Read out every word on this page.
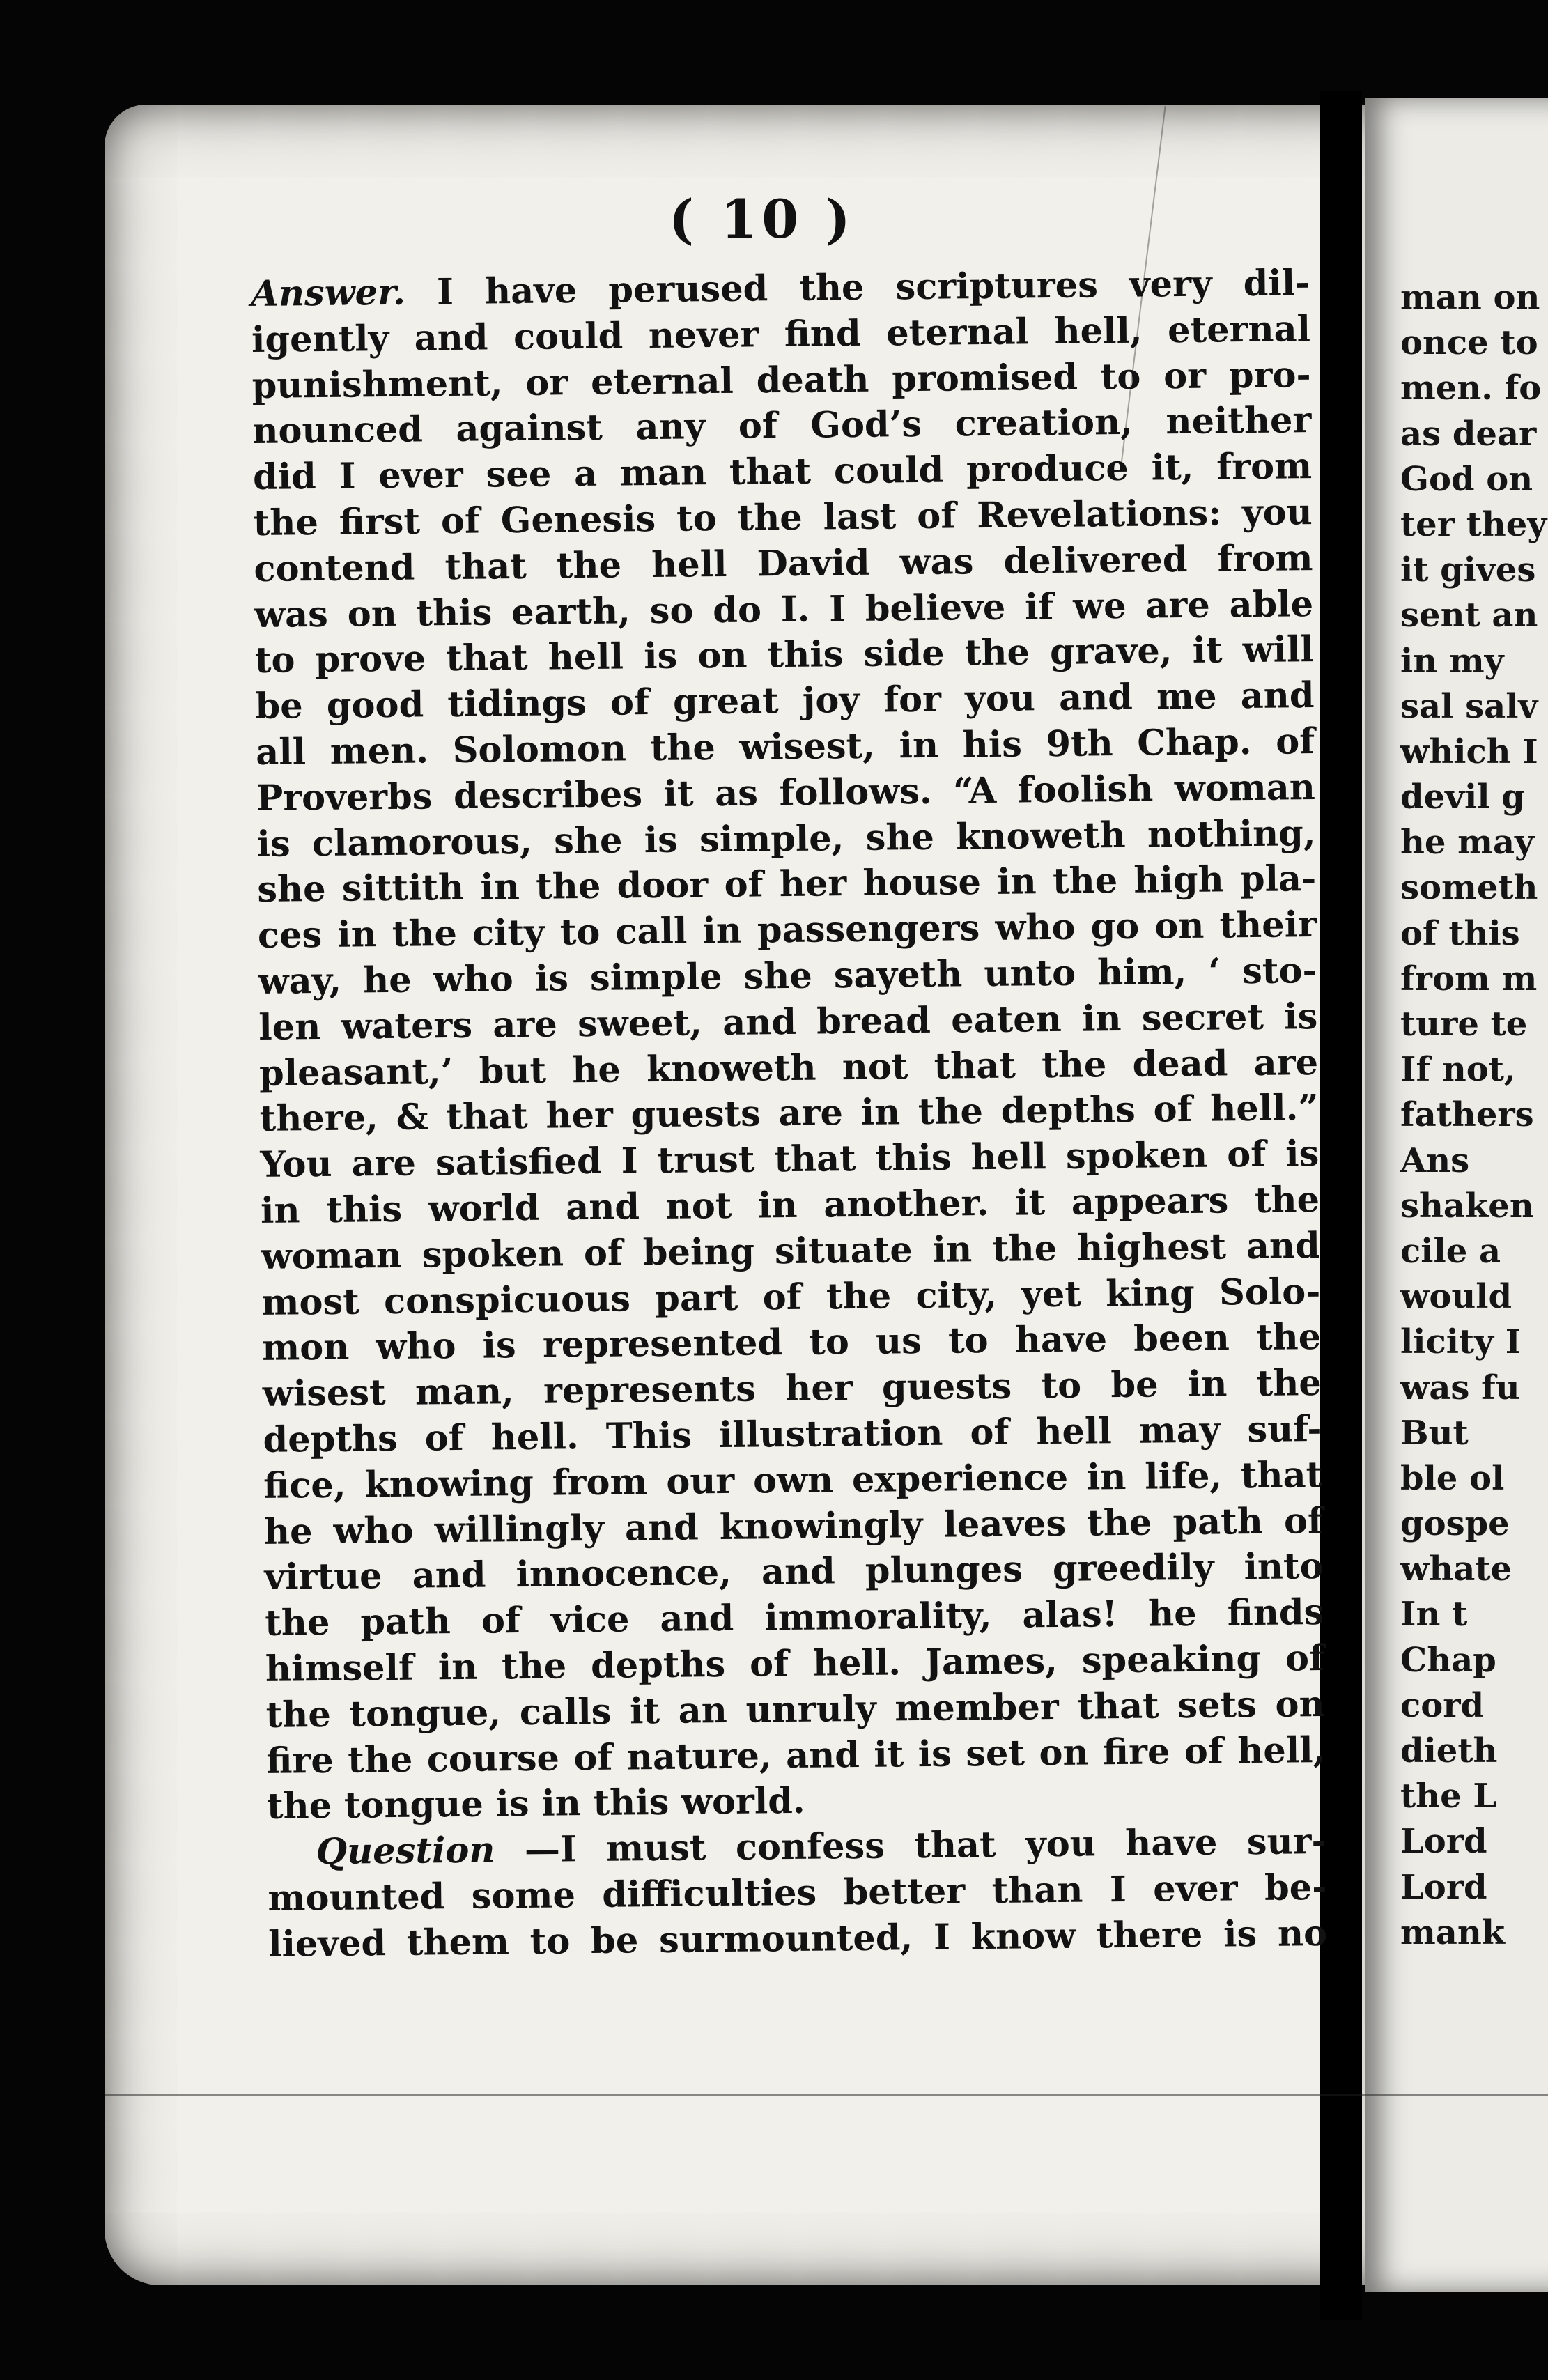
( 10 )
Answer. I have perused the scriptures very dil-
igently and could never find eternal hell, eternal
punishment, or eternal death promised to or pro-
nounced against any of God’s creation, neither
did I ever see a man that could produce it, from
the first of Genesis to the last of Revelations: you
contend that the hell David was delivered from
was on this earth, so do I. I believe if we are able
to prove that hell is on this side the grave, it will
be good tidings of great joy for you and me and
all men. Solomon the wisest, in his 9th Chap. of
Proverbs describes it as follows. “A foolish woman
is clamorous, she is simple, she knoweth nothing,
she sittith in the door of her house in the high pla-
ces in the city to call in passengers who go on their
way, he who is simple she sayeth unto him, ‘ sto-
len waters are sweet, and bread eaten in secret is
pleasant,’ but he knoweth not that the dead are
there, & that her guests are in the depths of hell.”
You are satisfied I trust that this hell spoken of is
in this world and not in another. it appears the
woman spoken of being situate in the highest and
most conspicuous part of the city, yet king Solo-
mon who is represented to us to have been the
wisest man, represents her guests to be in the
depths of hell. This illustration of hell may suf-
fice, knowing from our own experience in life, that
he who willingly and knowingly leaves the path of
virtue and innocence, and plunges greedily into
the path of vice and immorality, alas! he finds
himself in the depths of hell. James, speaking of
the tongue, calls it an unruly member that sets on
fire the course of nature, and it is set on fire of hell,
the tongue is in this world.
Question —I must confess that you have sur-
mounted some difficulties better than I ever be-
lieved them to be surmounted, I know there is no
man on
once to
men. fo
as dear
God on
ter they
it gives
sent an
in my
sal salv
which I
devil g
he may
someth
of this
from m
ture te
If not,
fathers
Ans
shaken
cile a
would
licity I
was fu
But
ble ol
gospe
whate
In t
Chap
cord
dieth
the L
Lord
Lord
mank
